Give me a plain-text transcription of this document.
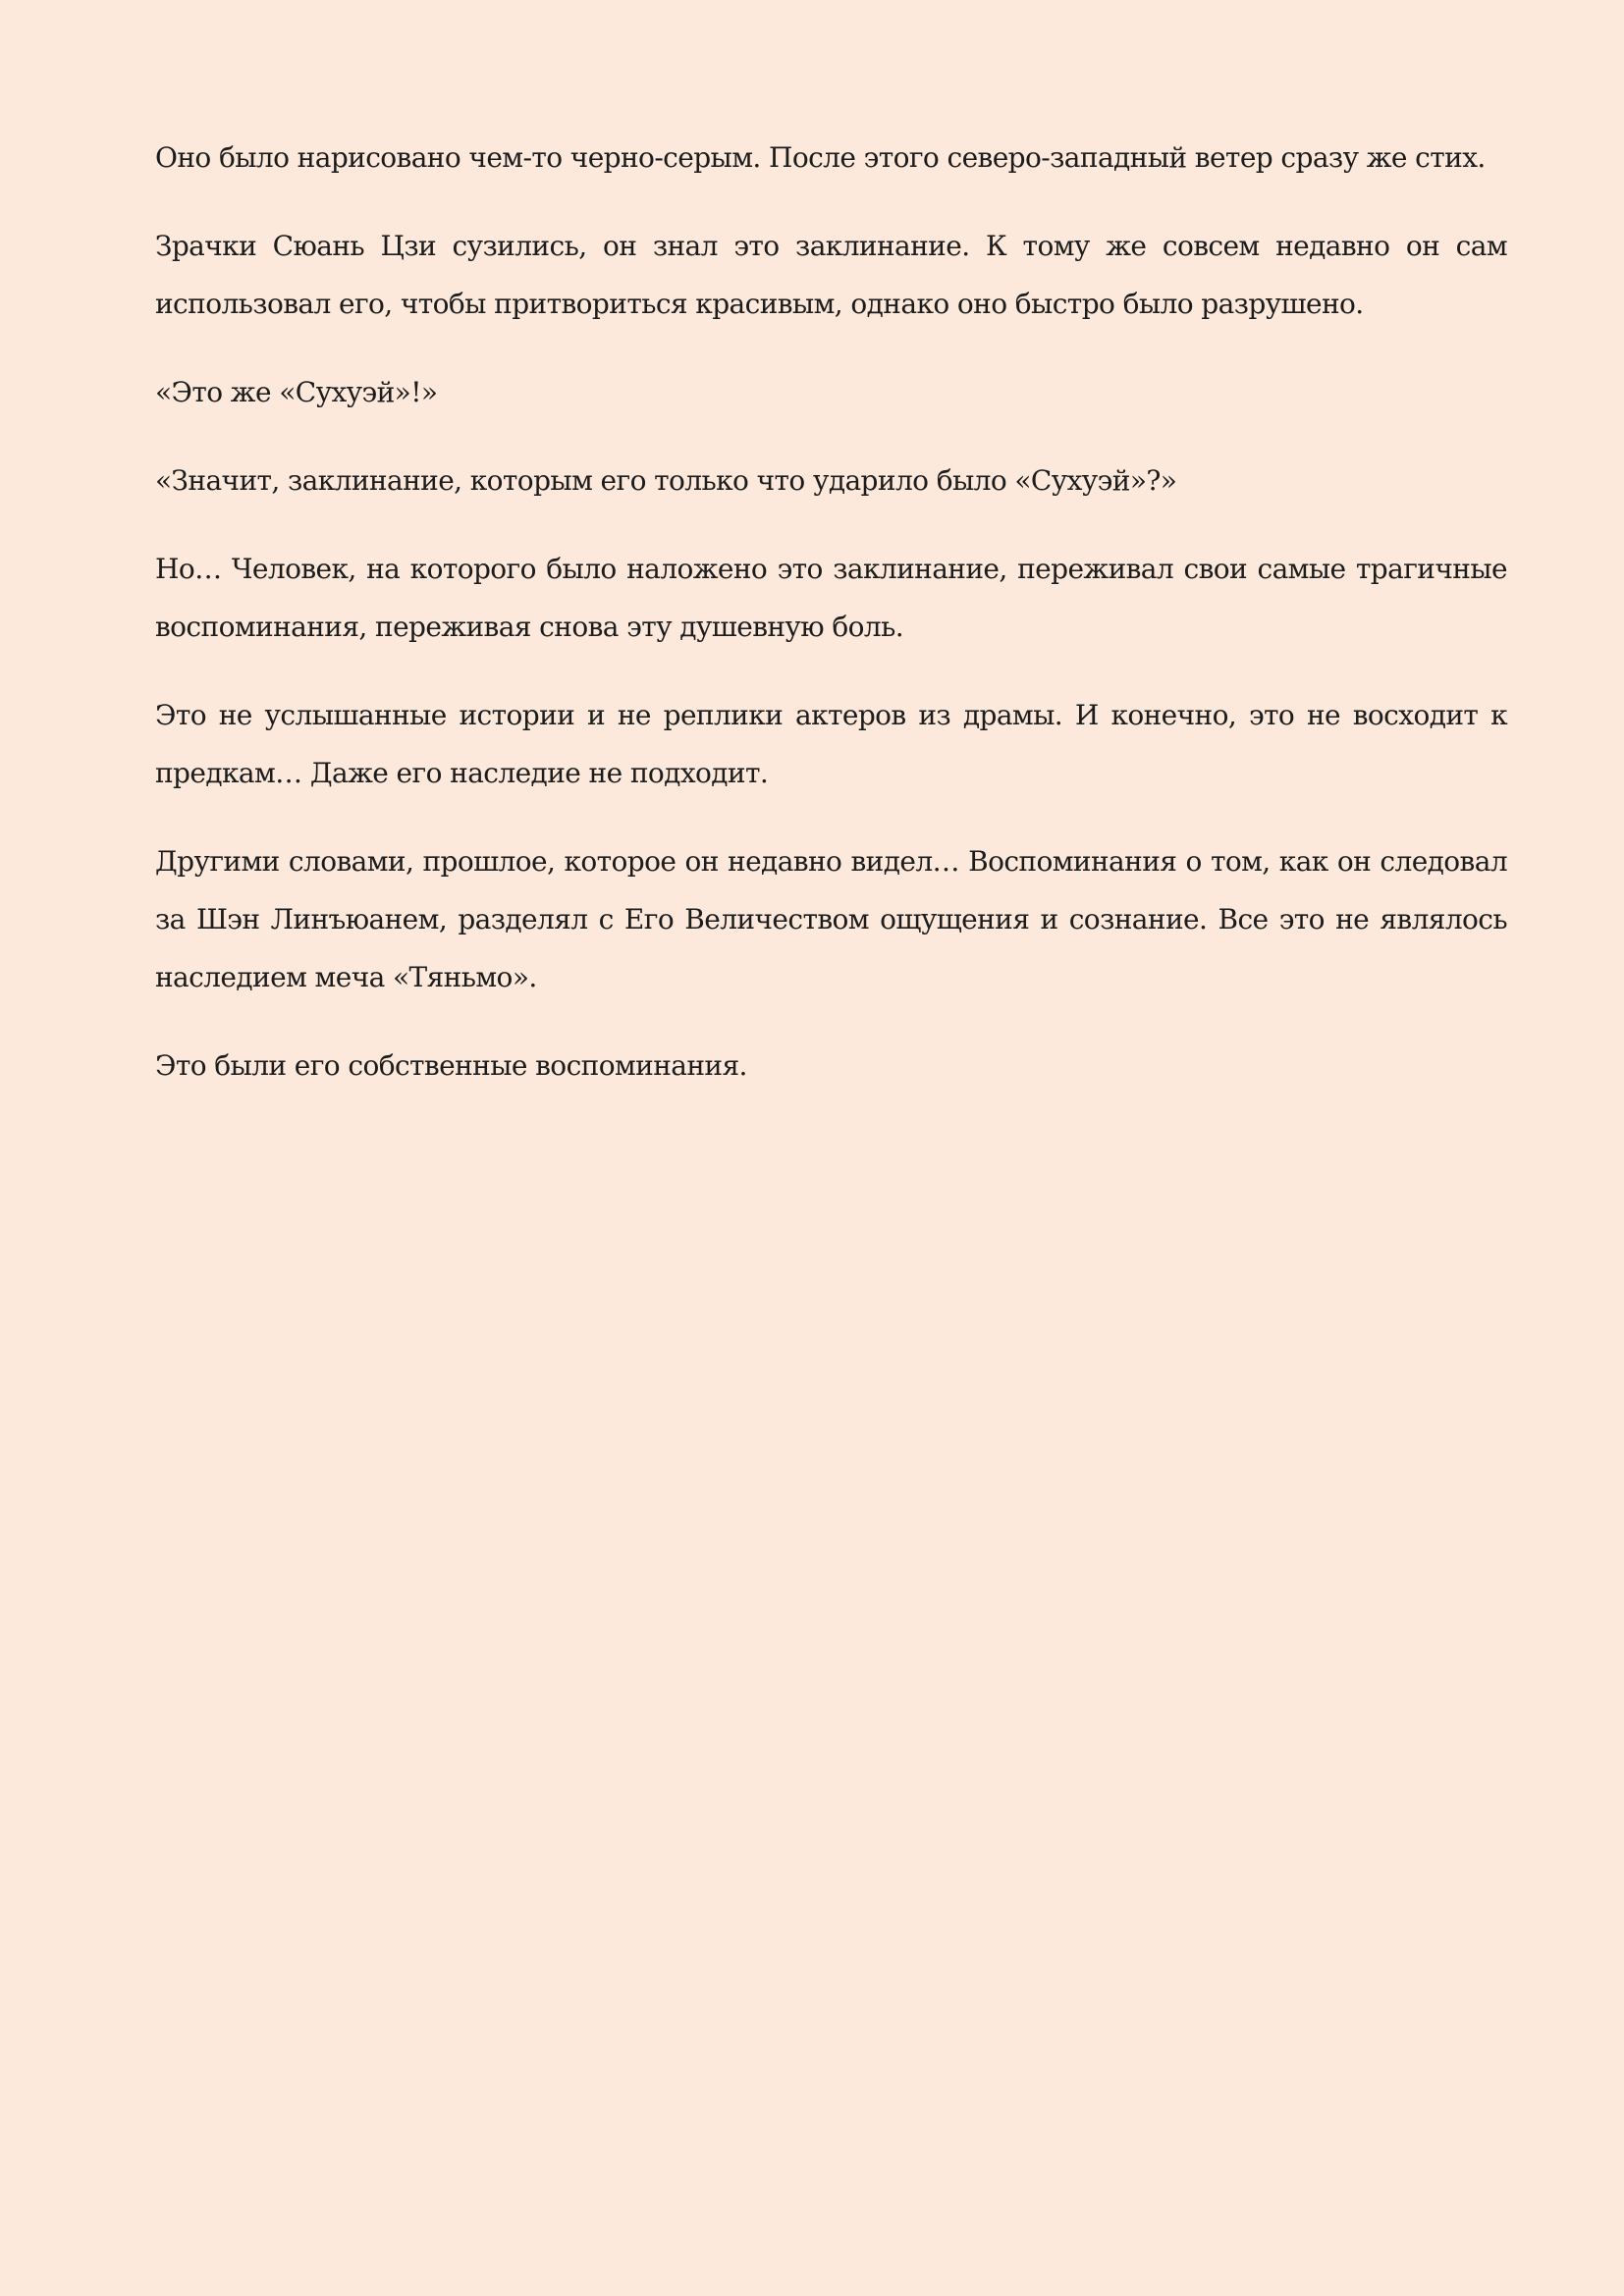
Оно было нарисовано чем-то черно-серым. После этого северо-западный ветер сразу же стих.

Зрачки Сюань Цзи сузились, он знал это заклинание. К тому же совсем недавно он сам использовал его, чтобы притвориться красивым, однако оно быстро было разрушено.

«Это же «Сухуэй»!»

«Значит, заклинание, которым его только что ударило было «Сухуэй»?»

Но… Человек, на которого было наложено это заклинание, переживал свои самые трагичные воспоминания, переживая снова эту душевную боль.

Это не услышанные истории и не реплики актеров из драмы. И конечно, это не восходит к предкам… Даже его наследие не подходит.

Другими словами, прошлое, которое он недавно видел… Воспоминания о том, как он следовал за Шэн Линъюанем, разделял с Его Величеством ощущения и сознание. Все это не являлось наследием меча «Тяньмо».

Это были его собственные воспоминания.
